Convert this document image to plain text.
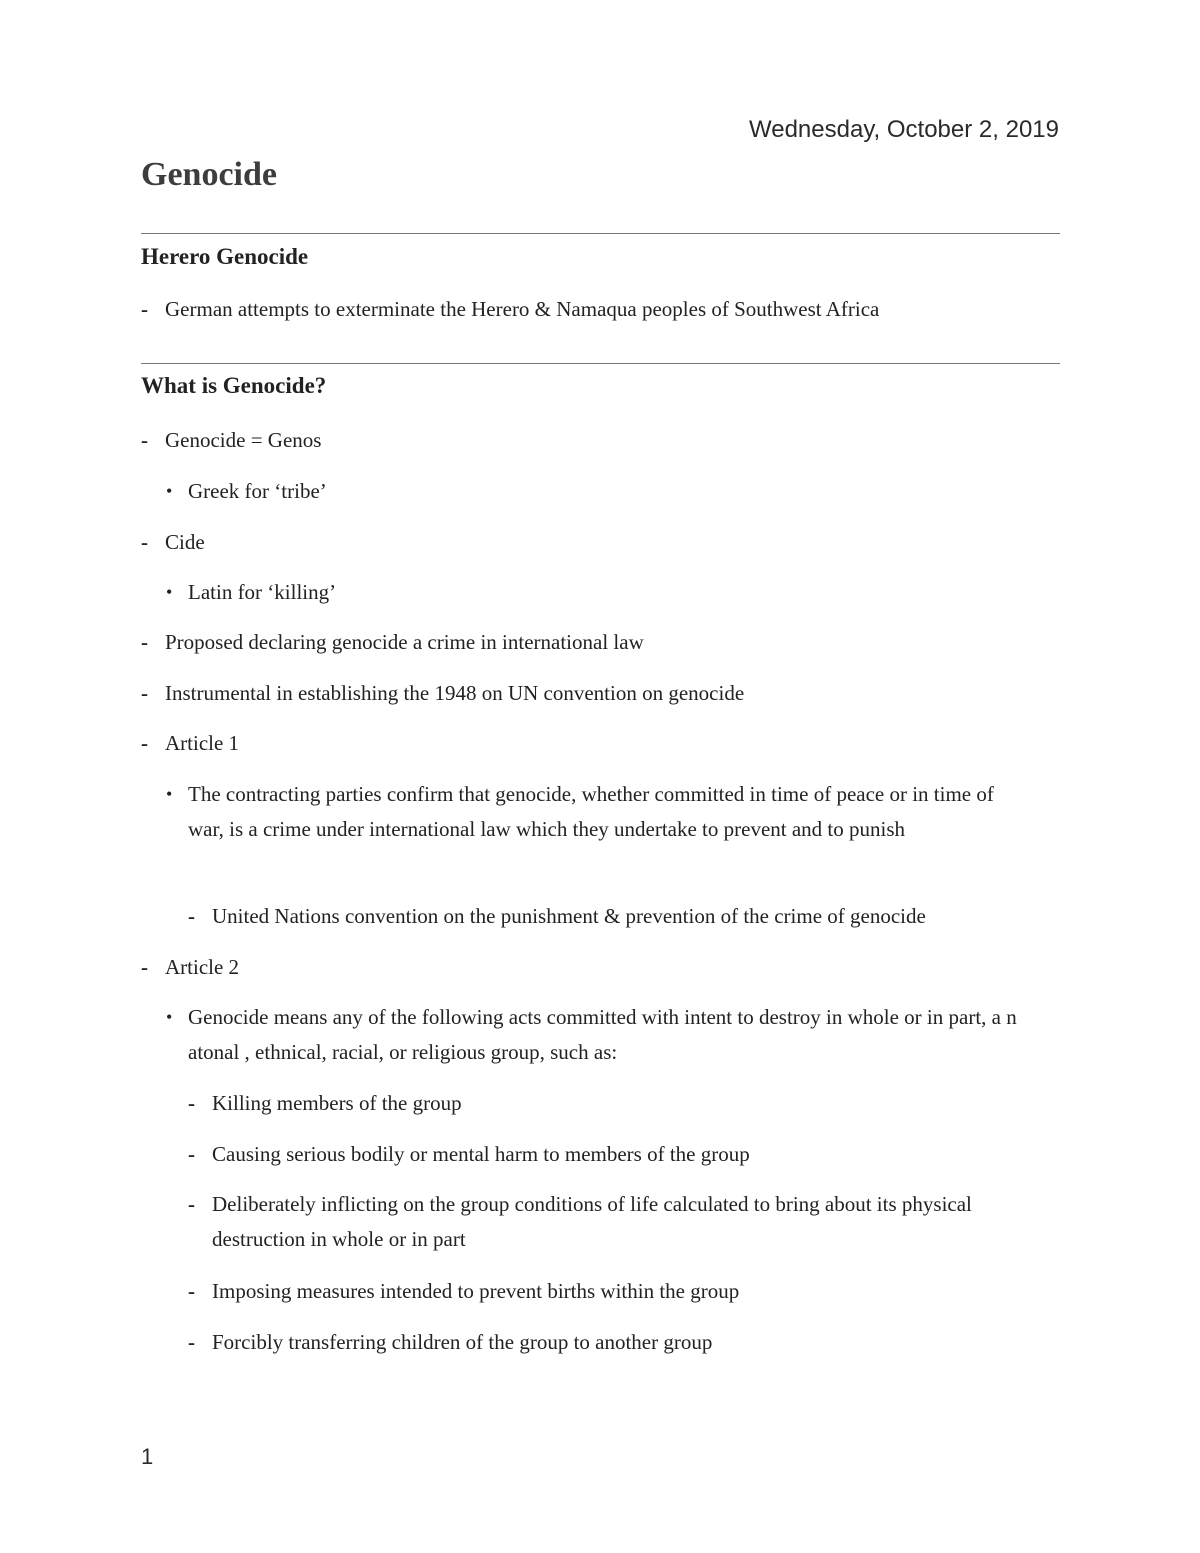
Wednesday, October 2, 2019
Genocide
Herero Genocide
- German attempts to exterminate the Herero & Namaqua peoples of Southwest Africa
What is Genocide?
- Genocide = Genos
• Greek for ‘tribe’
- Cide
• Latin for ‘killing’
- Proposed declaring genocide a crime in international law
- Instrumental in establishing the 1948 on UN convention on genocide
- Article 1
• The contracting parties confirm that genocide, whether committed in time of peace or in time of war, is a crime under international law which they undertake to prevent and to punish
- United Nations convention on the punishment & prevention of the crime of genocide
- Article 2
• Genocide means any of the following acts committed with intent to destroy in whole or in part, a n atonal , ethnical, racial, or religious group, such as:
- Killing members of the group
- Causing serious bodily or mental harm to members of the group
- Deliberately inflicting on the group conditions of life calculated to bring about its physical destruction in whole or in part
- Imposing measures intended to prevent births within the group
- Forcibly transferring children of the group to another group
1
